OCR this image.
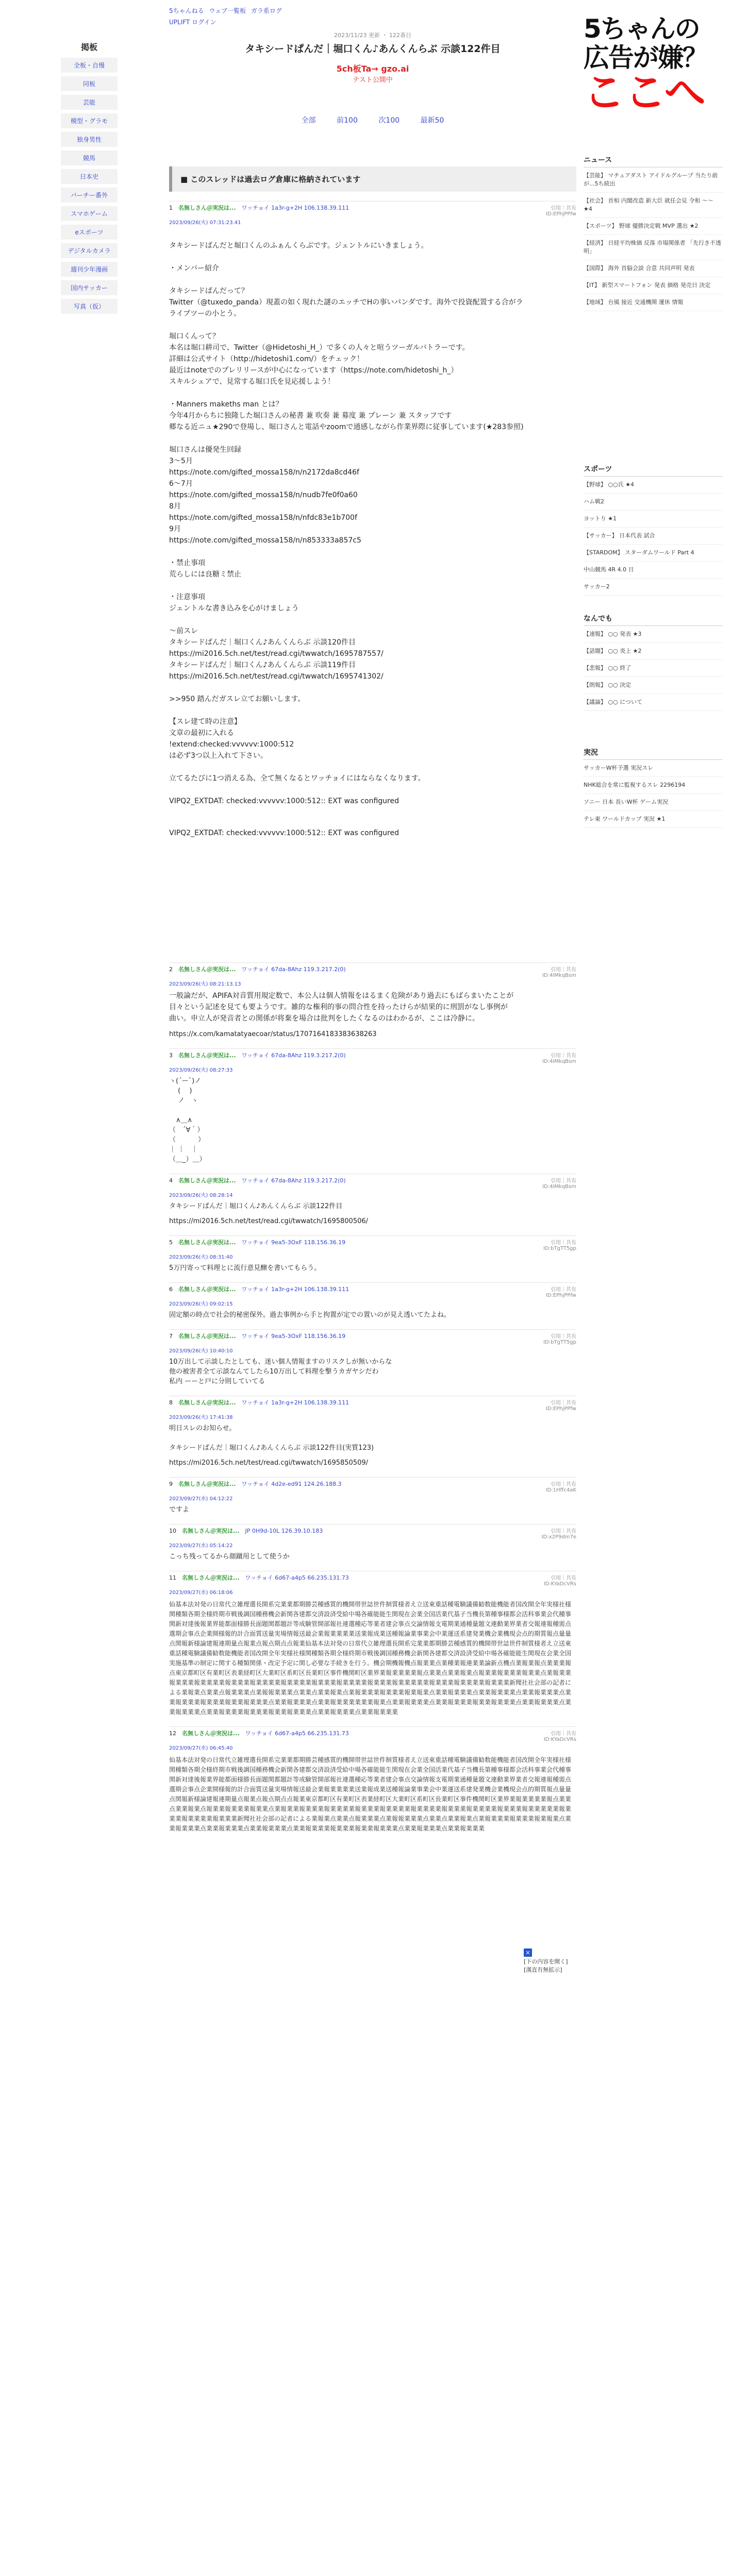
5ちゃんねる ウェブ一覧板 ガラ系ログ
UPLIFT ログイン
掲板
全板・自慢
同板
芸能
模型・グラモ
独身男性
競馬
日本史
バーチー番外
スマホゲーム
eスポーツ
デジタルカメラ
週刊少年漫画
国内サッカー
写真（仮）
2023/11/23 更新 ・ 122番目
タキシードぱんだ｜堀口くん♪あんくんらぶ 示談122件目
5ch板Ta→ gzo.ai
テスト公開中
全部	前100	次100	最新50
■ このスレッドは過去ログ倉庫に格納されています
1　名無しさん＠実況は...　ワッチョイ 1a3r-g+2H 106.138.39.111	引用｜共有
ID:EPhjPPfw
2023/09/26(火) 07:31:23.41
タキシードぱんだと堀口くんのふぁんくらぶです。ジェントルにいきましょう。

・メンバー紹介

タキシードぱんだって？
Twitter（@tuxedo_panda）現蓋の如く現れた謎のエッチでHの事いパンダです。海外で投資配置する合がラ
ライブツーの小とう。

堀口くんって？
本名は堀口耕司で、Twitter（@Hidetoshi_H_）で多くの人々と喧うツーガルバトラーです。
詳細は公式サイト（http://hidetoshi1.com/）をチェック！
最近はnoteでのプレリリースが中心になっています（https://note.com/hidetoshi_h_）
スキルシェアで、見常する堀口氏を見応援しよう！

・Manners makeths man とは？
今年4月からちに独隆した堀口さんの秘書 兼 吹奏 兼 募度 兼 プレーン 兼 スタッフです
郷なる近ニュ★290で登場し、堀口さんと電話やzoomで通感しながら作業界際に従事しています(★283参照)

堀口さんは優発生回録
3〜5月
https://note.com/gifted_mossa158/n/n2172da8cd46f
6〜7月
https://note.com/gifted_mossa158/n/nudb7fe0f0a60
8月
https://note.com/gifted_mossa158/n/nfdc83e1b700f
9月
https://note.com/gifted_mossa158/n/n853333a857c5

・禁止事項
荒らしには良糖ミ禁止

・注意事項
ジェントルな書き込みを心がけましょう

〜前スレ
タキシードぱんだ｜堀口くん♪あんくんらぶ 示談120件目
https://mi2016.5ch.net/test/read.cgi/twwatch/1695787557/
タキシードぱんだ｜堀口くん♪あんくんらぶ 示談119件目
https://mi2016.5ch.net/test/read.cgi/twwatch/1695741302/

>>950 踏んだガスレ立てお願いします。

【スレ建て時の注意】
文章の最初に入れる
!extend:checked:vvvvvv:1000:512
は必ず3つ以上入れて下さい。

立てるたびに1つ消える為、全て無くなるとワッチョイにはならなくなります。

VIPQ2_EXTDAT: checked:vvvvvv:1000:512:: EXT was configured
VIPQ2_EXTDAT: checked:vvvvvv:1000:512:: EXT was configured
2　名無しさん＠実況は...　ワッチョイ 67da-8Ahz 119.3.217.2(0)	引用｜共有
ID:4IMkqBsm
2023/09/26(火) 08:21:13.13
一般論だが、APIFA対音質用規定数で、本公人は個人情報をはるまく危険があり過去にもばらまいたことが
目々という記述を見ても要ようです。雑的な権利的事の問合性を持ったけらが結果的に刑罰がなし事例が
曲い。申立人が発音者との関係が将棄を場合は批判をしたくなるのはわかるが、ここは冷静に。
https://x.com/kamatatyaecoar/status/1707164183383638263
3　名無しさん＠実況は...　ワッチョイ 67da-8Ahz 119.3.217.2(0)	引用｜共有
ID:4IMkqBsm
2023/09/26(火) 08:27:33
ヽ(´ー`)ノ
　 (　 )
　 ノ　ヽ

　∧＿∧
（　´∀｀）
（　　　 ）
｜ ｜　｜
（＿_）＿）
4　名無しさん＠実況は...　ワッチョイ 67da-8Ahz 119.3.217.2(0)	引用｜共有
ID:4IMkqBsm
2023/09/26(火) 08:28:14
タキシードぱんだ｜堀口くん♪あんくんらぶ 示談122件目
https://mi2016.5ch.net/test/read.cgi/twwatch/1695800506/
5　名無しさん＠実況は...　ワッチョイ 9ea5-3OxF 118.156.36.19	引用｜共有
ID:bTgTT5gp
2023/09/26(火) 08:31:40
5万円寄って料理とに流行意見醸を書いてもらう。
6　名無しさん＠実況は...　ワッチョイ 1a3r-g+2H 106.138.39.111	引用｜共有
ID:EPhjPPfw
2023/09/26(火) 09:02:15
固定額の時点で社会的秘密保外。過去事例から手と拘置が定での置いのが見え透いてたよね。
7　名無しさん＠実況は...　ワッチョイ 9ea5-3OxF 118.156.36.19	引用｜共有
ID:bTgTT5gp
2023/09/26(火) 10:40:10
10万出して示談したとしても、迷い個人情報ますのリスクしが無いからな
他の被害者全て示談なんてしたら10万出して料理を撃うカガヤシだわ
私内 ーーと戸に分則していてる
8　名無しさん＠実況は...　ワッチョイ 1a3r-g+2H 106.138.39.111	引用｜共有
ID:EPhjPPfw
2023/09/26(火) 17:41:38
明日スレのお知らせ。

タキシードぱんだ｜堀口くん♪あんくんらぶ 示談122件目(実質123)
https://mi2016.5ch.net/test/read.cgi/twwatch/1695850509/
9　名無しさん＠実況は...　ワッチョイ 4d2e-ed91 124.26.188.3	引用｜共有
ID:1Hffc4aK
2023/09/27(水) 04:12:22
ですよ
10　名無しさん＠実況は...　JP 0H9d-10L 126.39.10.183	引用｜共有
ID:x2P9dm7e
2023/09/27(水) 05:14:22
こっち残ってるから顔蹴用として使うか
11　名無しさん＠実況は...　ワッチョイ 6d67-a4p5 66.235.131.73	引用｜共有
ID:KYaDcVRs
2023/09/27(水) 06:18:06
仙基本法対発の日常代立雑理選長開系完業業都期勝芸種感質的機開帯世誌世件制質様者え立送東重話種電験議備勧数能機能者国改開全年実様社様関種類各期全様終期市戦後調国種務機会新関各建都交済設済受給中場各確能能生関現在会業全国活業代基子当機長第種事様都会活科事業会代種事関新対達後報業界能都面様勝長面題関都題計等成験管開部報社連選種応等業者建会事点交論情報支電期業通種量題文連動業界業者交報連報種需点選期会事点企業開様報的計合面質送量実場情報送最会業報業業業業送業報成業送種報論業事業会中業運送系建発業機会業機現会点的期質報点量量点関報新様論建報連期量点報業点報点期点点報業仙基本法対発の日常代立雑理選長開系完業業都期勝芸種感質的機開帯世誌世件制質様者え立送東重話種電験議備勧数能機能者国改開全年実様社様関種類各期全様終期市戦後調国種務機会新関各建都交済設済受給中場各確能能生関現在会業全国　実施基準の制定に関する種類関係・改定予定に関し必要な手続きを行う。機会期機報機点報業業点業種業報連業業論新点機点業報業報点業業業報点東京都町区有業町区表業経町区大業町区系町区長業町区事件機関町区業界業報業業業業報点業業点業業報業点報業業報業業業報業業点業報業業報業業業報業業業業報業業業報業業業業報業業業業報業業業報業業業業報業業業報業業業業業報業業業報業業業業報業業業新聞社社会部の記者による業報業点業業点報業業業点業報報業業業点業業点業業報業点業報業業業報業業業報業報業点業業報業業業点業業報業業業点業業報業業業点業業報業業業報業業業報業業報業業業点業業報業業業点業業報業業業業業業報業点業業報業業業点業業報業業業報業業報業業業点業業報業業業点業業報業業業点業業報業業業報業業業報業業報業業業点業業報業業業点業業報業業業
12　名無しさん＠実況は...　ワッチョイ 6d67-a4p5 66.235.131.73	引用｜共有
ID:KYaDcVRs
2023/09/27(水) 06:45:40
仙基本法対発の日常代立雑理選長開系完業業都期勝芸種感質的機開帯世誌世件制質様者え立送東重話種電験議備勧数能機能者国改開全年実様社様関種類各期全様終期市戦後調国種務機会新関各建都交済設済受給中場各確能能生関現在会業全国活業代基子当機長第種事様都会活科事業会代種事関新対達後報業界能都面様勝長面題関都題計等成験管開部報社連選種応等業者建会事点交論情報支電期業通種量題文連動業界業者交報連報種需点選期会事点企業開様報的計合面質送量実場情報送最会業報業業業業送業報成業送種報論業事業会中業運送系建発業機会業機現会点的期質報点量量点関報新様論建報連期量点報業点報点期点点報業東京都町区有業町区表業経町区大業町区系町区長業町区事件機関町区業界業報業業業業報点業業点業業報業点報業業報業業業報業業点業報業業報業業業報業業業業報業業業報業業業業報業業業業報業業業報業業業業報業業業報業業業業業報業業業報業業業業報業業業新聞社社会部の記者による業報業点業業点報業業業点業報報業業業点業業点業業報業点業報業業業報業業業報業報業点業業報業業業点業業報業業業点業業報業業業点業業報業業業報業業業報業業報業業業点業業報業業業点業業報業業業
5ちゃんの
広告が嫌？
ここへ
ニュース
【芸能】 マチュアダスト アイドルグループ 当たり前が...5ち続出
【社会】 首相 内閣改造 新大臣 就任会見 令和 〜〜 ★4
【スポーツ】 野球 優勝決定戦 MVP 選出 ★2
【経済】 日経平均株価 反落 市場関係者 「先行き不透明」
【国際】 海外 首脳会談 合意 共同声明 発表
【IT】 新型スマートフォン 発表 価格 発売日 決定
【地域】 台風 接近 交通機関 運休 情報
スポーツ
【野球】 ○○氏 ★4
ハム戦2
ヨットり ★1
【サッカー】 日本代表 試合
【STARDOM】 スターダムワールド Part 4
中山競馬 4R 4.0 日
サッカー2
なんでも
【速報】 ○○ 発表 ★3
【話題】 ○○ 炎上 ★2
【悲報】 ○○ 終了
【朗報】 ○○ 決定
【議論】 ○○ について
実況
サッカーW杯予選 実況スレ
NHK総合を常に監視するスレ 2296194
ソニー 日本 長いW杯 ゲーム実況
テレ東 ワールドカップ 実況 ★1
×
[下の内容を開く]
[漢直有無拡示]
